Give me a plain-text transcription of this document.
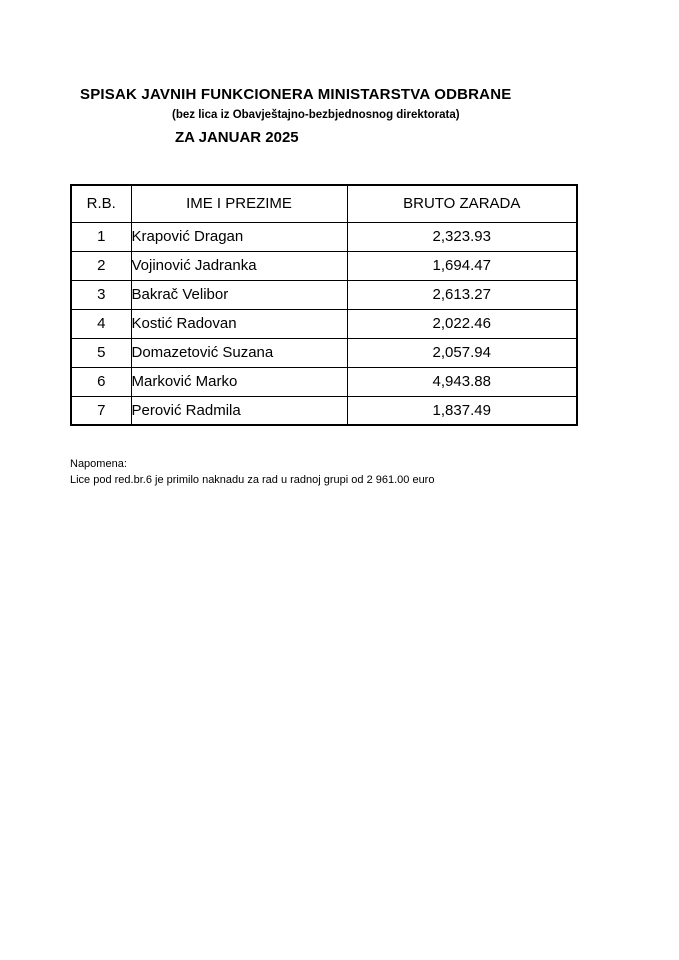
SPISAK JAVNIH FUNKCIONERA MINISTARSTVA ODBRANE
(bez lica iz Obavještajno-bezbjednosnog direktorata)
ZA JANUAR 2025
R.B.	IME I PREZIME	BRUTO ZARADA
1	Krapović Dragan	2,323.93
2	Vojinović Jadranka	1,694.47
3	Bakrač Velibor	2,613.27
4	Kostić Radovan	2,022.46
5	Domazetović Suzana	2,057.94
6	Marković Marko	4,943.88
7	Perović Radmila	1,837.49
Napomena:
Lice pod red.br.6 je primilo naknadu za rad u radnoj grupi od 2 961.00 euro
